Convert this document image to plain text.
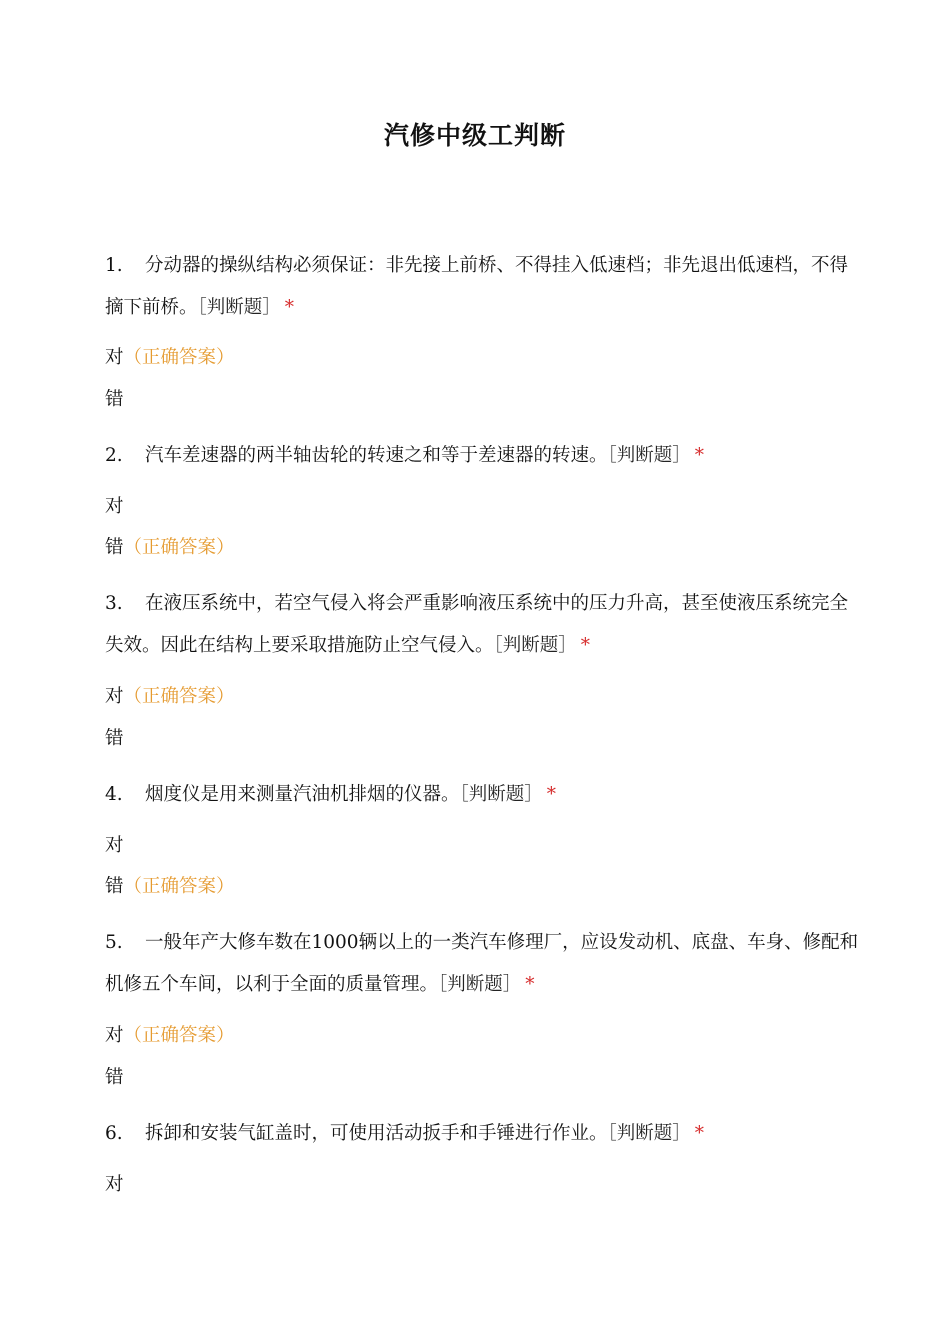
汽修中级工判断
1. 分动器的操纵结构必须保证：非先接上前桥、不得挂入低速档；非先退出低速档，不得摘下前桥。［判断题］ *
对（正确答案）
错
2. 汽车差速器的两半轴齿轮的转速之和等于差速器的转速。［判断题］ *
对
错（正确答案）
3. 在液压系统中，若空气侵入将会严重影响液压系统中的压力升高，甚至使液压系统完全失效。因此在结构上要采取措施防止空气侵入。［判断题］ *
对（正确答案）
错
4. 烟度仪是用来测量汽油机排烟的仪器。［判断题］ *
对
错（正确答案）
5. 一般年产大修车数在1000辆以上的一类汽车修理厂，应设发动机、底盘、车身、修配和机修五个车间，以利于全面的质量管理。［判断题］ *
对（正确答案）
错
6. 拆卸和安装气缸盖时，可使用活动扳手和手锤进行作业。［判断题］ *
对
